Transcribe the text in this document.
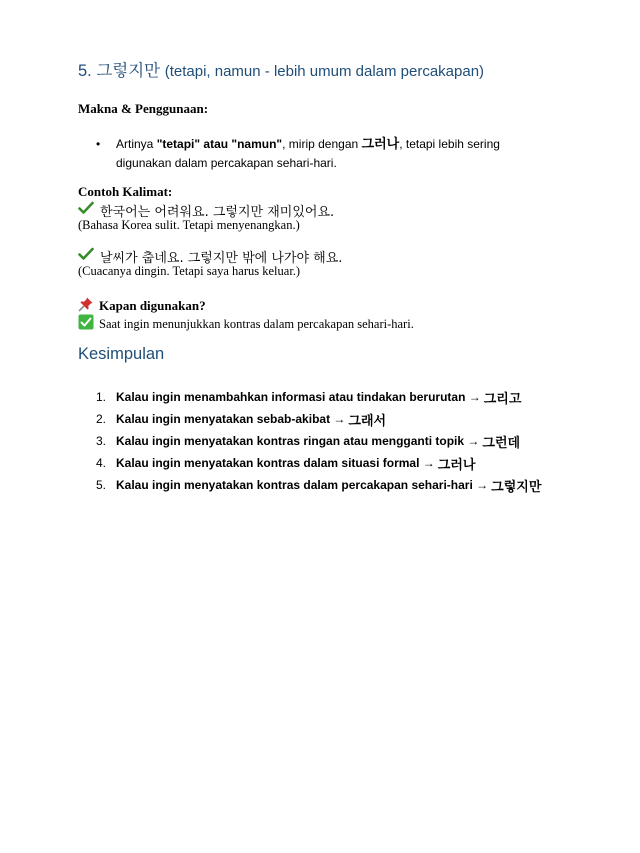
5. 그렇지만 (tetapi, namun - lebih umum dalam percakapan)
Makna & Penggunaan:
• Artinya "tetapi" atau "namun", mirip dengan 그러나, tetapi lebih sering digunakan dalam percakapan sehari-hari.
Contoh Kalimat:
한국어는 어려워요. 그렇지만 재미있어요.
(Bahasa Korea sulit. Tetapi menyenangkan.)
날씨가 춥네요. 그렇지만 밖에 나가야 해요.
(Cuacanya dingin. Tetapi saya harus keluar.)
Kapan digunakan?
Saat ingin menunjukkan kontras dalam percakapan sehari-hari.
Kesimpulan
1. Kalau ingin menambahkan informasi atau tindakan berurutan → 그리고
2. Kalau ingin menyatakan sebab-akibat → 그래서
3. Kalau ingin menyatakan kontras ringan atau mengganti topik → 그런데
4. Kalau ingin menyatakan kontras dalam situasi formal → 그러나
5. Kalau ingin menyatakan kontras dalam percakapan sehari-hari → 그렇지만
